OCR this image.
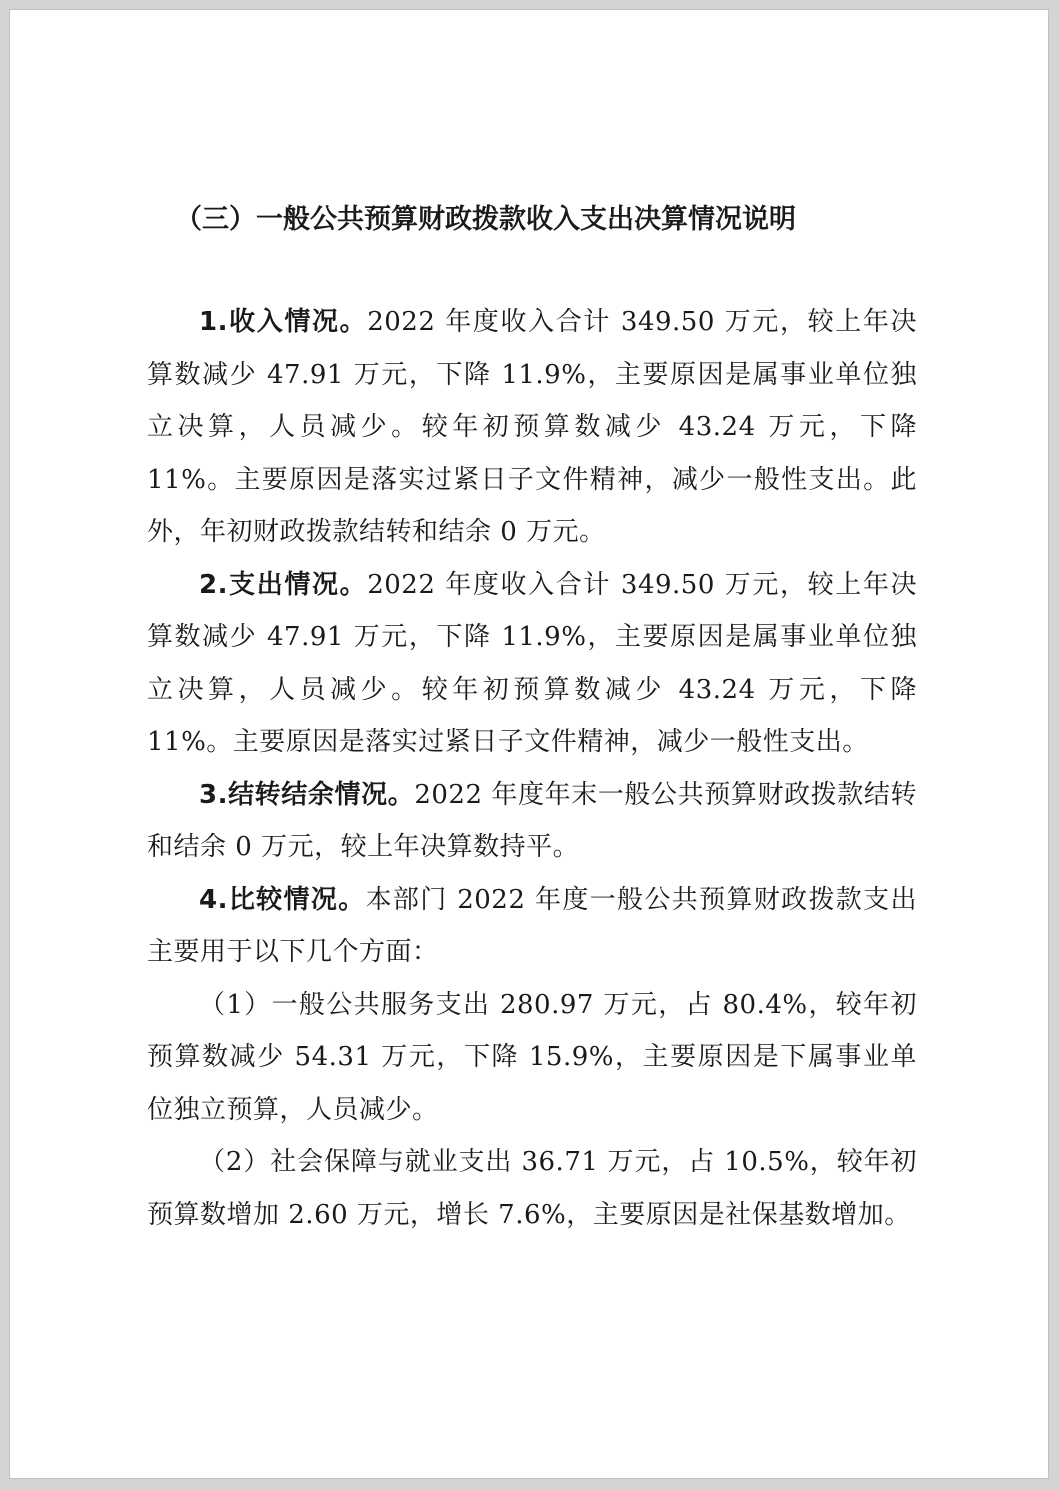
（三）一般公共预算财政拨款收入支出决算情况说明

1.收入情况。2022 年度收入合计 349.50 万元，较上年决算数减少 47.91 万元，下降 11.9%，主要原因是属事业单位独立决算，人员减少。较年初预算数减少 43.24 万元，下降 11%。主要原因是落实过紧日子文件精神，减少一般性支出。此外，年初财政拨款结转和结余 0 万元。

2.支出情况。2022 年度收入合计 349.50 万元，较上年决算数减少 47.91 万元，下降 11.9%，主要原因是属事业单位独立决算，人员减少。较年初预算数减少 43.24 万元，下降 11%。主要原因是落实过紧日子文件精神，减少一般性支出。

3.结转结余情况。2022 年度年末一般公共预算财政拨款结转和结余 0 万元，较上年决算数持平。

4.比较情况。本部门 2022 年度一般公共预算财政拨款支出主要用于以下几个方面：

（1）一般公共服务支出 280.97 万元，占 80.4%，较年初预算数减少 54.31 万元，下降 15.9%，主要原因是下属事业单位独立预算，人员减少。

（2）社会保障与就业支出 36.71 万元，占 10.5%，较年初预算数增加 2.60 万元，增长 7.6%，主要原因是社保基数增加。
